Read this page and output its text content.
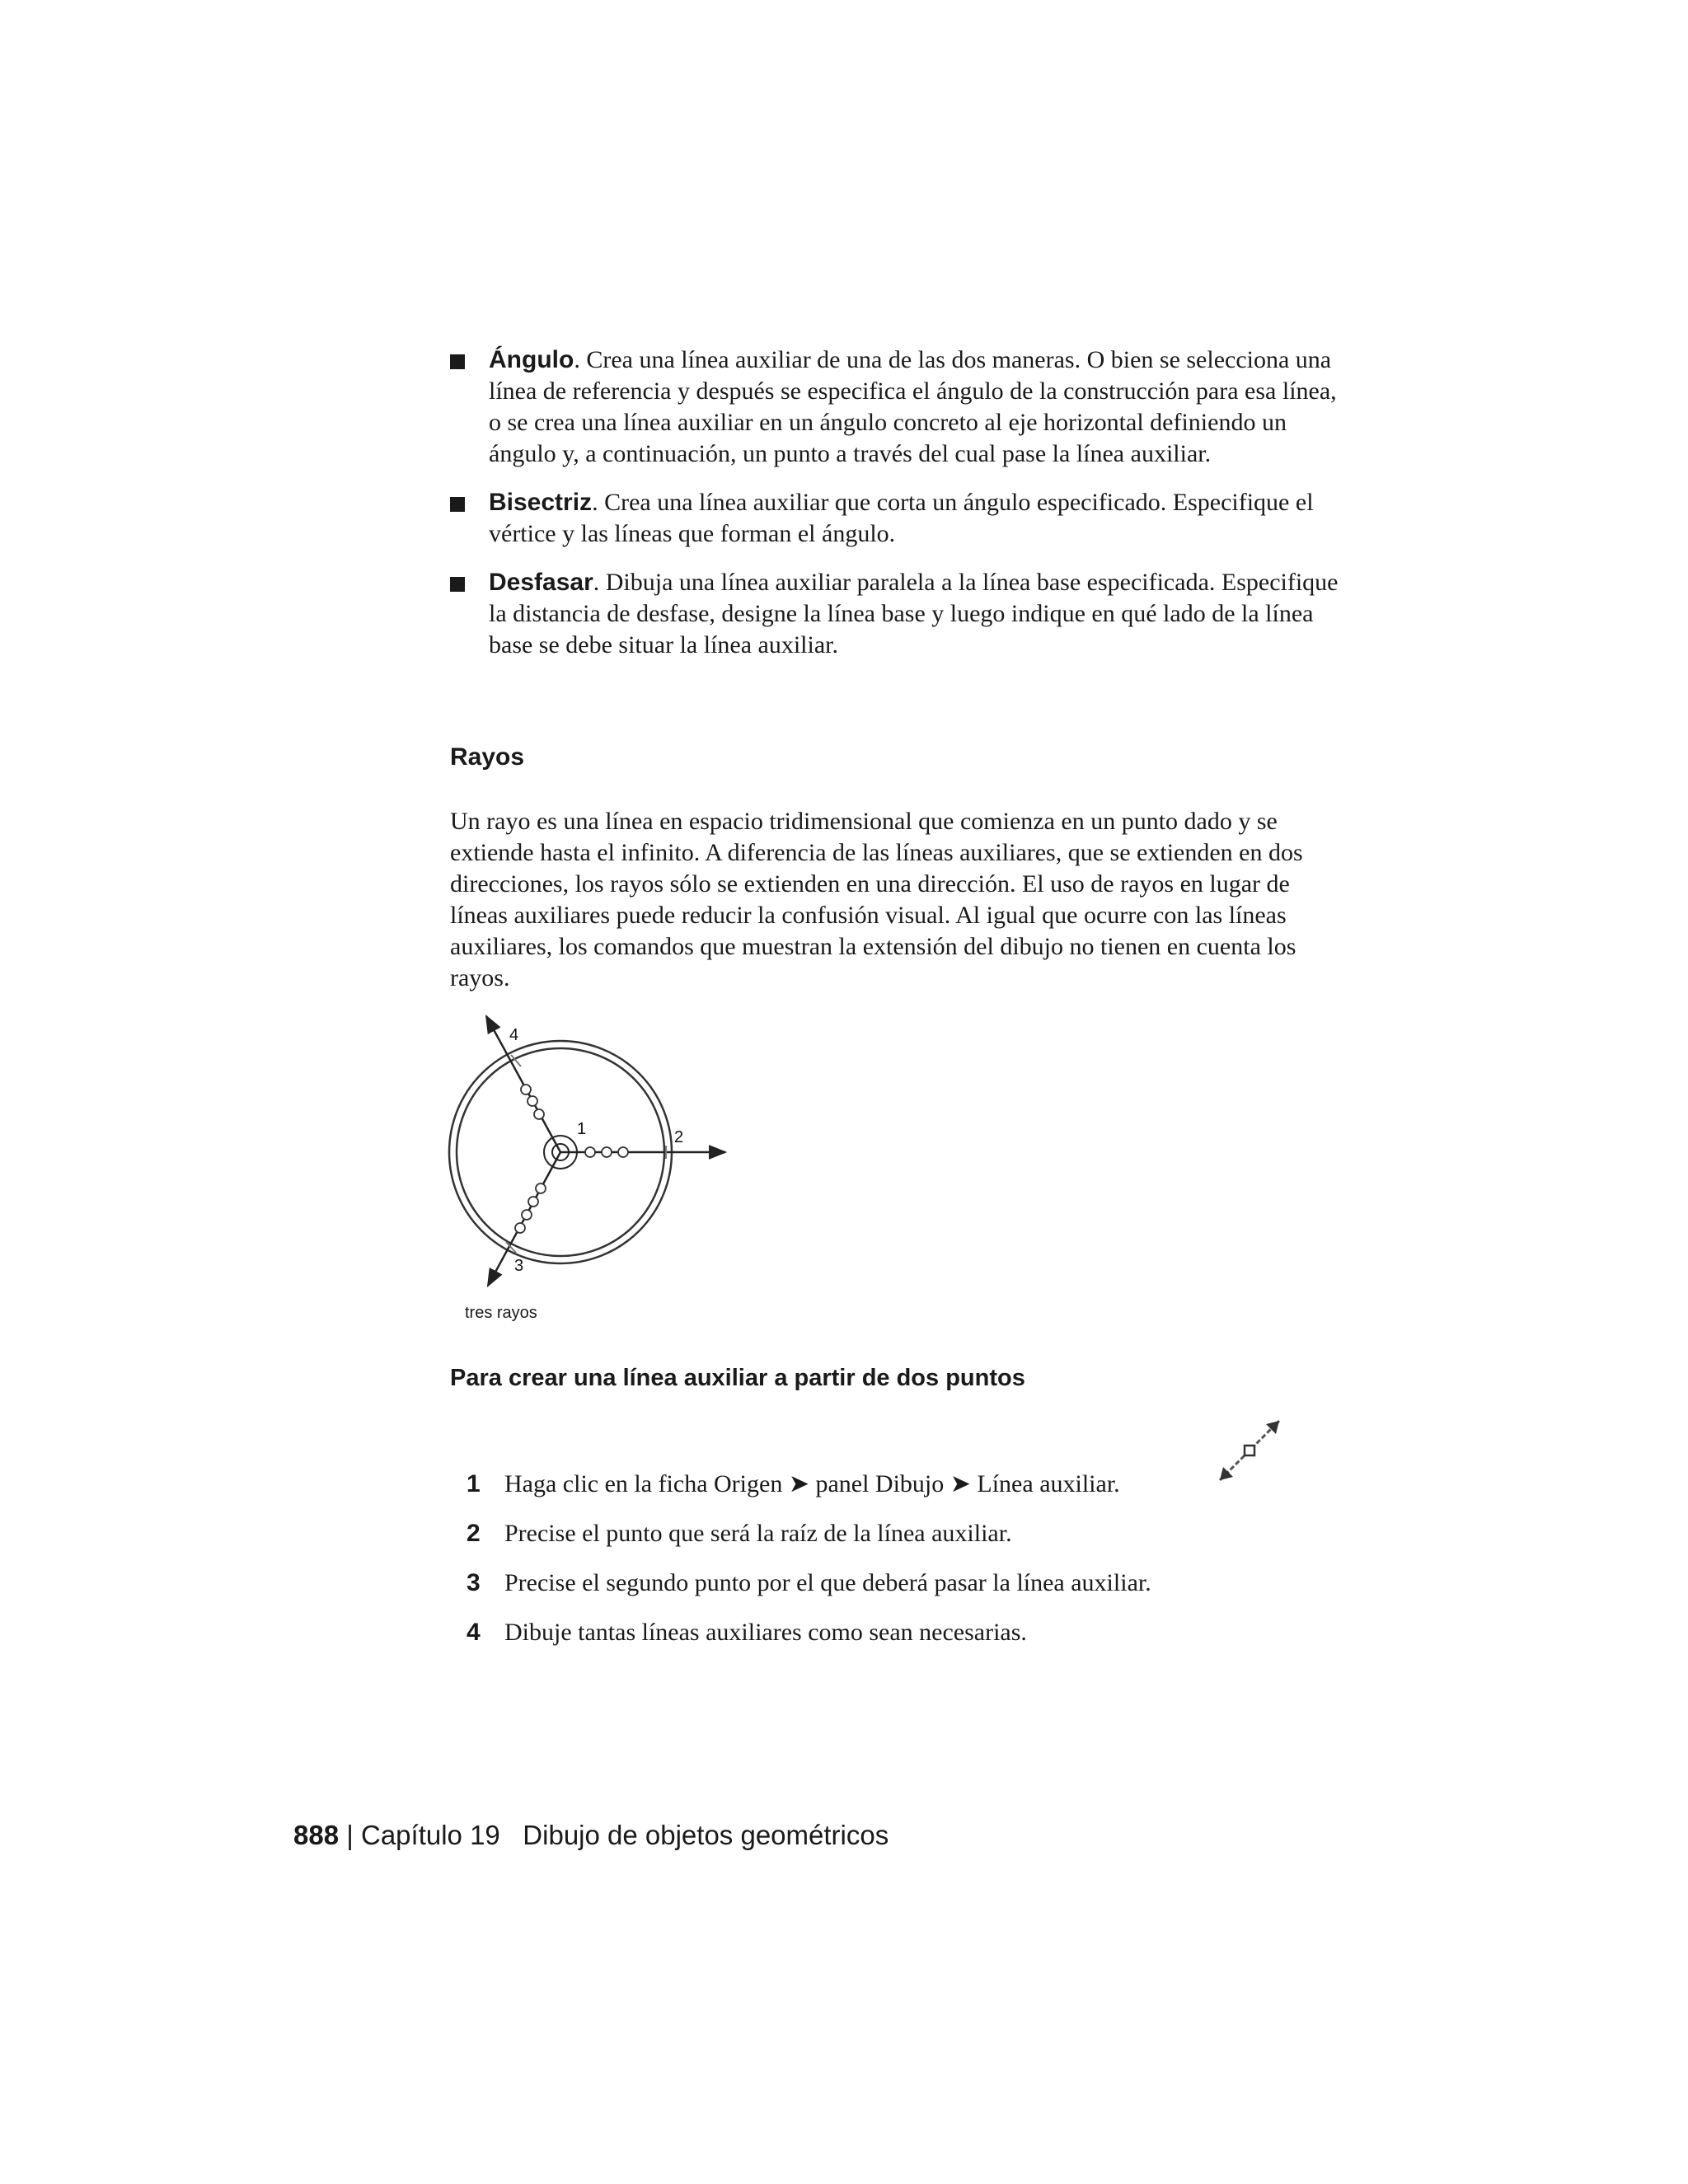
Ángulo. Crea una línea auxiliar de una de las dos maneras. O bien se selecciona una línea de referencia y después se especifica el ángulo de la construcción para esa línea, o se crea una línea auxiliar en un ángulo concreto al eje horizontal definiendo un ángulo y, a continuación, un punto a través del cual pase la línea auxiliar.
Bisectriz. Crea una línea auxiliar que corta un ángulo especificado. Especifique el vértice y las líneas que forman el ángulo.
Desfasar. Dibuja una línea auxiliar paralela a la línea base especificada. Especifique la distancia de desfase, designe la línea base y luego indique en qué lado de la línea base se debe situar la línea auxiliar.
Rayos
Un rayo es una línea en espacio tridimensional que comienza en un punto dado y se extiende hasta el infinito. A diferencia de las líneas auxiliares, que se extienden en dos direcciones, los rayos sólo se extienden en una dirección. El uso de rayos en lugar de líneas auxiliares puede reducir la confusión visual. Al igual que ocurre con las líneas auxiliares, los comandos que muestran la extensión del dibujo no tienen en cuenta los rayos.
1	2
3
4
tres rayos
Para crear una línea auxiliar a partir de dos puntos
1 Haga clic en la ficha Origen ➤ panel Dibujo ➤ Línea auxiliar.
2 Precise el punto que será la raíz de la línea auxiliar.
3 Precise el segundo punto por el que deberá pasar la línea auxiliar.
4 Dibuje tantas líneas auxiliares como sean necesarias.
888 | Capítulo 19 Dibujo de objetos geométricos
